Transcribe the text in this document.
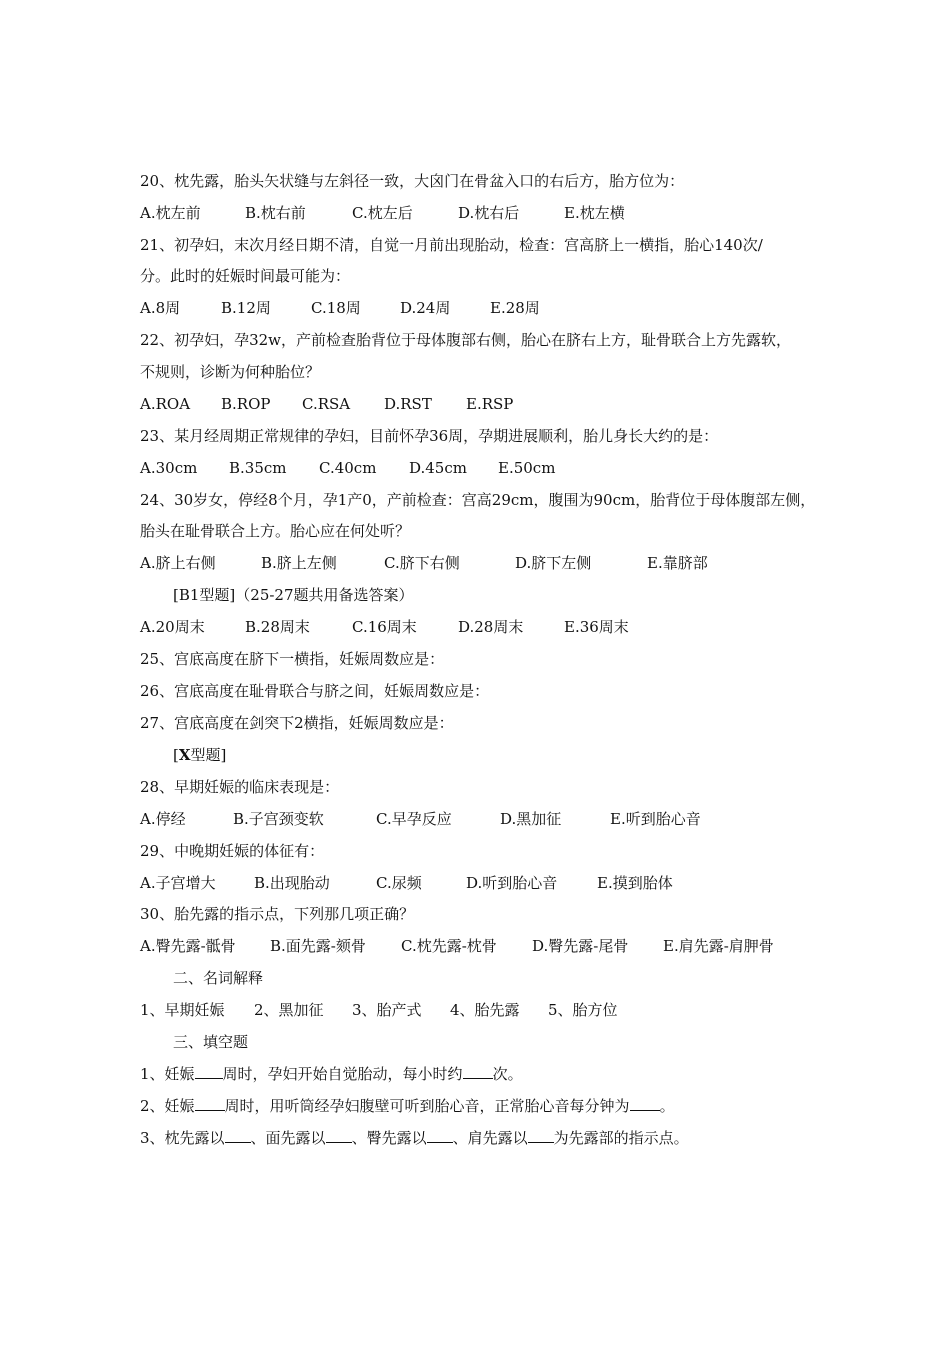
20、枕先露，胎头矢状缝与左斜径一致，大囟门在骨盆入口的右后方，胎方位为：
A.枕左前	B.枕右前	C.枕左后	D.枕右后	E.枕左横
21、初孕妇，末次月经日期不清，自觉一月前出现胎动，检查：宫高脐上一横指，胎心140次/
分。此时的妊娠时间最可能为：
A.8周	B.12周	C.18周	D.24周	E.28周
22、初孕妇，孕32w，产前检查胎背位于母体腹部右侧，胎心在脐右上方，耻骨联合上方先露软，
不规则，诊断为何种胎位？
A.ROA B.ROP C.RSA D.RST E.RSP
23、某月经周期正常规律的孕妇，目前怀孕36周，孕期进展顺利，胎儿身长大约的是：
A.30cm B.35cm C.40cm D.45cm E.50cm
24、30岁女，停经8个月，孕1产0，产前检查：宫高29cm，腹围为90cm，胎背位于母体腹部左侧，
胎头在耻骨联合上方。胎心应在何处听？
A.脐上右侧	B.脐上左侧	C.脐下右侧	D.脐下左侧	E.靠脐部
[B1型题]（25-27题共用备选答案）
A.20周末	B.28周末	C.16周末	D.28周末	E.36周末
25、宫底高度在脐下一横指，妊娠周数应是：
26、宫底高度在耻骨联合与脐之间，妊娠周数应是：
27、宫底高度在剑突下2横指，妊娠周数应是：
[X型题]
28、早期妊娠的临床表现是：
A.停经	B.子宫颈变软	C.早孕反应	D.黑加征	E.听到胎心音
29、中晚期妊娠的体征有：
A.子宫增大	B.出现胎动	C.尿频	D.听到胎心音	E.摸到胎体
30、胎先露的指示点，下列那几项正确？
A.臀先露-骶骨 B.面先露-颏骨 C.枕先露-枕骨 D.臀先露-尾骨 E.肩先露-肩胛骨
二、名词解释
1、早期妊娠 2、黑加征 3、胎产式 4、胎先露 5、胎方位
三、填空题
1、妊娠 周时，孕妇开始自觉胎动，每小时约 次。
2、妊娠 周时，用听筒经孕妇腹壁可听到胎心音，正常胎心音每分钟为 。
3、枕先露以 、面先露以 、臀先露以 、肩先露以 为先露部的指示点。
